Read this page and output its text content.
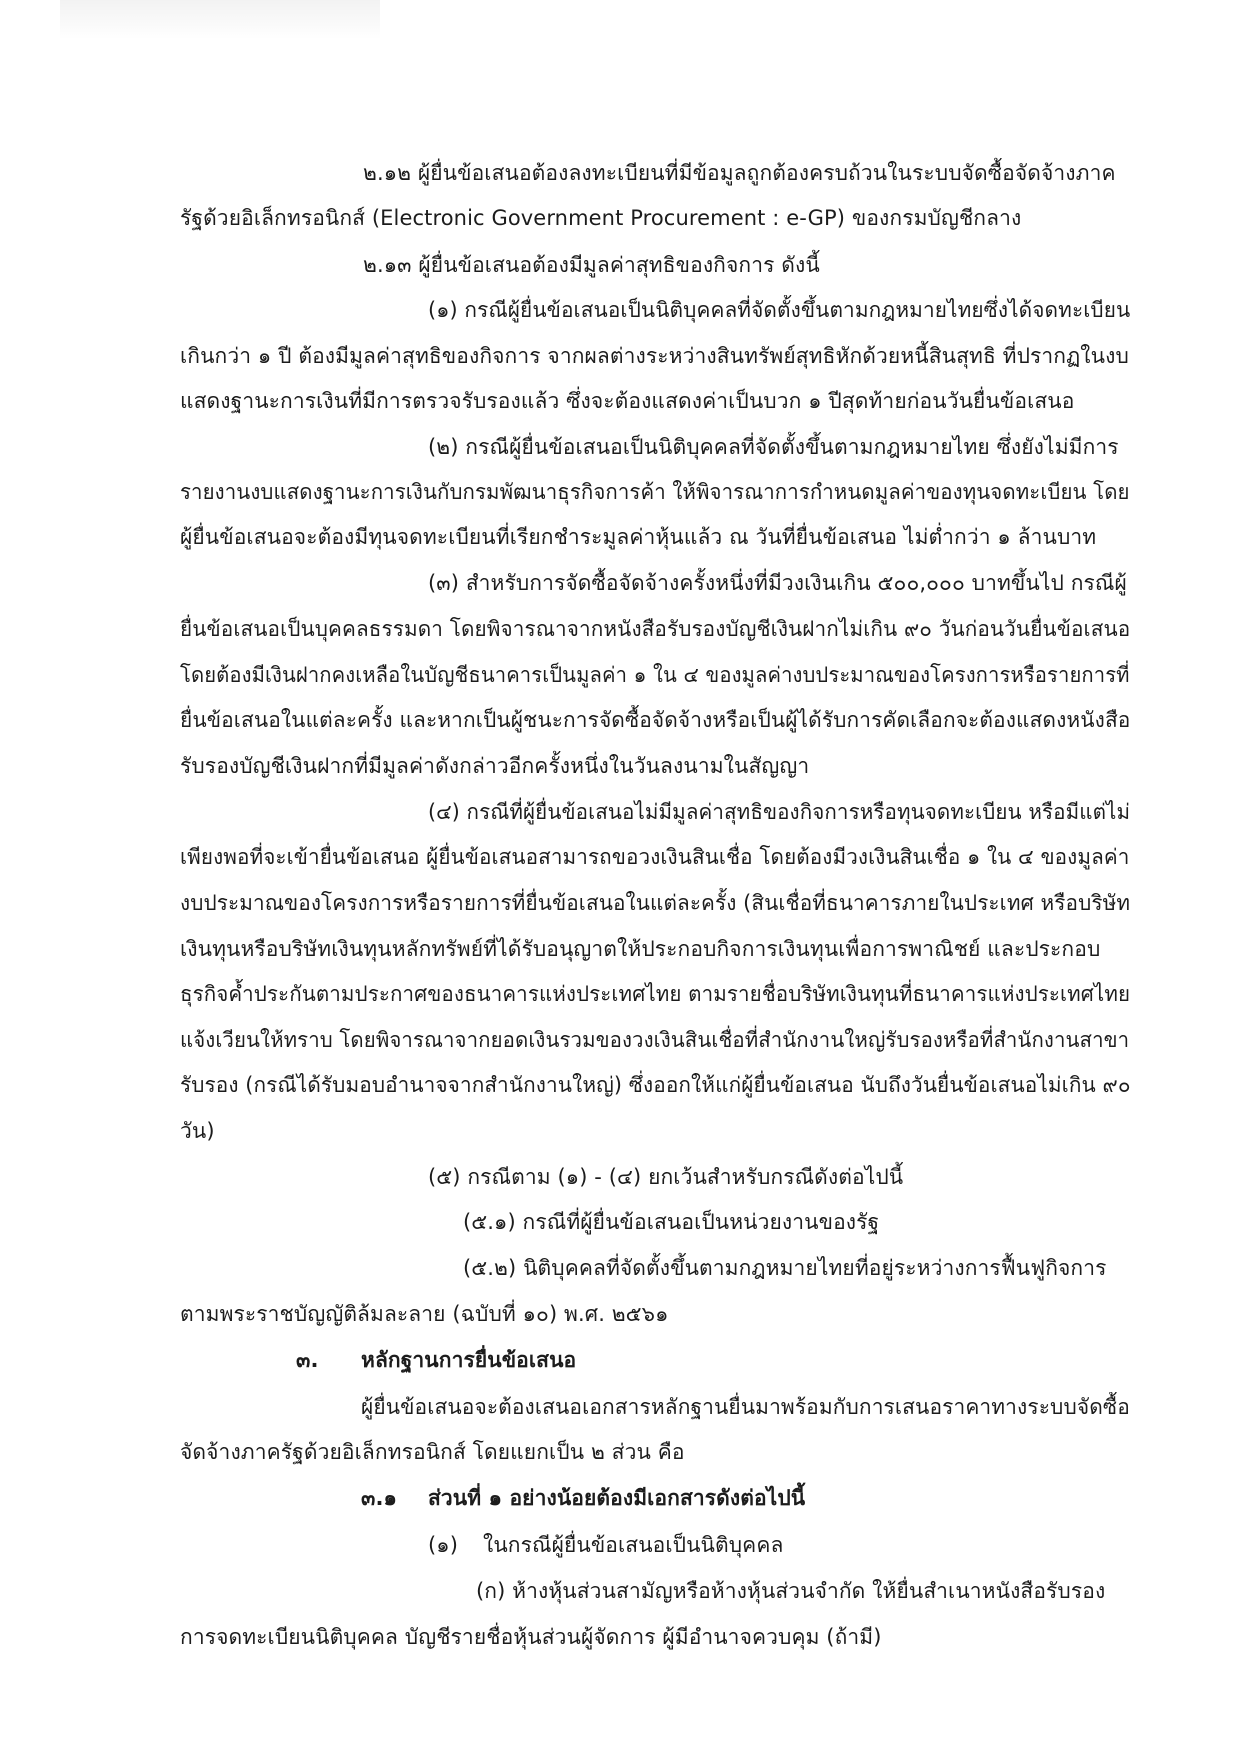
๒.๑๒ ผู้ยื่นข้อเสนอต้องลงทะเบียนที่มีข้อมูลถูกต้องครบถ้วนในระบบจัดซื้อจัดจ้างภาค
รัฐด้วยอิเล็กทรอนิกส์ (Electronic Government Procurement : e-GP) ของกรมบัญชีกลาง
๒.๑๓ ผู้ยื่นข้อเสนอต้องมีมูลค่าสุทธิของกิจการ ดังนี้
(๑) กรณีผู้ยื่นข้อเสนอเป็นนิติบุคคลที่จัดตั้งขึ้นตามกฎหมายไทยซึ่งได้จดทะเบียน
เกินกว่า ๑ ปี ต้องมีมูลค่าสุทธิของกิจการ จากผลต่างระหว่างสินทรัพย์สุทธิหักด้วยหนี้สินสุทธิ ที่ปรากฏในงบ
แสดงฐานะการเงินที่มีการตรวจรับรองแล้ว ซึ่งจะต้องแสดงค่าเป็นบวก ๑ ปีสุดท้ายก่อนวันยื่นข้อเสนอ
(๒) กรณีผู้ยื่นข้อเสนอเป็นนิติบุคคลที่จัดตั้งขึ้นตามกฎหมายไทย ซึ่งยังไม่มีการ
รายงานงบแสดงฐานะการเงินกับกรมพัฒนาธุรกิจการค้า ให้พิจารณาการกำหนดมูลค่าของทุนจดทะเบียน โดย
ผู้ยื่นข้อเสนอจะต้องมีทุนจดทะเบียนที่เรียกชำระมูลค่าหุ้นแล้ว ณ วันที่ยื่นข้อเสนอ ไม่ต่ำกว่า ๑ ล้านบาท
(๓) สำหรับการจัดซื้อจัดจ้างครั้งหนึ่งที่มีวงเงินเกิน ๕๐๐,๐๐๐ บาทขึ้นไป กรณีผู้
ยื่นข้อเสนอเป็นบุคคลธรรมดา โดยพิจารณาจากหนังสือรับรองบัญชีเงินฝากไม่เกิน ๙๐ วันก่อนวันยื่นข้อเสนอ
โดยต้องมีเงินฝากคงเหลือในบัญชีธนาคารเป็นมูลค่า ๑ ใน ๔ ของมูลค่างบประมาณของโครงการหรือรายการที่
ยื่นข้อเสนอในแต่ละครั้ง และหากเป็นผู้ชนะการจัดซื้อจัดจ้างหรือเป็นผู้ได้รับการคัดเลือกจะต้องแสดงหนังสือ
รับรองบัญชีเงินฝากที่มีมูลค่าดังกล่าวอีกครั้งหนึ่งในวันลงนามในสัญญา
(๔) กรณีที่ผู้ยื่นข้อเสนอไม่มีมูลค่าสุทธิของกิจการหรือทุนจดทะเบียน หรือมีแต่ไม่
เพียงพอที่จะเข้ายื่นข้อเสนอ ผู้ยื่นข้อเสนอสามารถขอวงเงินสินเชื่อ โดยต้องมีวงเงินสินเชื่อ ๑ ใน ๔ ของมูลค่า
งบประมาณของโครงการหรือรายการที่ยื่นข้อเสนอในแต่ละครั้ง (สินเชื่อที่ธนาคารภายในประเทศ หรือบริษัท
เงินทุนหรือบริษัทเงินทุนหลักทรัพย์ที่ได้รับอนุญาตให้ประกอบกิจการเงินทุนเพื่อการพาณิชย์ และประกอบ
ธุรกิจค้ำประกันตามประกาศของธนาคารแห่งประเทศไทย ตามรายชื่อบริษัทเงินทุนที่ธนาคารแห่งประเทศไทย
แจ้งเวียนให้ทราบ โดยพิจารณาจากยอดเงินรวมของวงเงินสินเชื่อที่สำนักงานใหญ่รับรองหรือที่สำนักงานสาขา
รับรอง (กรณีได้รับมอบอำนาจจากสำนักงานใหญ่) ซึ่งออกให้แก่ผู้ยื่นข้อเสนอ นับถึงวันยื่นข้อเสนอไม่เกิน ๙๐
วัน)
(๕) กรณีตาม (๑) - (๔) ยกเว้นสำหรับกรณีดังต่อไปนี้
(๕.๑) กรณีที่ผู้ยื่นข้อเสนอเป็นหน่วยงานของรัฐ
(๕.๒) นิติบุคคลที่จัดตั้งขึ้นตามกฎหมายไทยที่อยู่ระหว่างการฟื้นฟูกิจการ
ตามพระราชบัญญัติล้มละลาย (ฉบับที่ ๑๐) พ.ศ. ๒๕๖๑
๓. หลักฐานการยื่นข้อเสนอ
ผู้ยื่นข้อเสนอจะต้องเสนอเอกสารหลักฐานยื่นมาพร้อมกับการเสนอราคาทางระบบจัดซื้อ
จัดจ้างภาครัฐด้วยอิเล็กทรอนิกส์ โดยแยกเป็น ๒ ส่วน คือ
๓.๑ ส่วนที่ ๑ อย่างน้อยต้องมีเอกสารดังต่อไปนี้
(๑) ในกรณีผู้ยื่นข้อเสนอเป็นนิติบุคคล
(ก) ห้างหุ้นส่วนสามัญหรือห้างหุ้นส่วนจำกัด ให้ยื่นสำเนาหนังสือรับรอง
การจดทะเบียนนิติบุคคล บัญชีรายชื่อหุ้นส่วนผู้จัดการ ผู้มีอำนาจควบคุม (ถ้ามี)
